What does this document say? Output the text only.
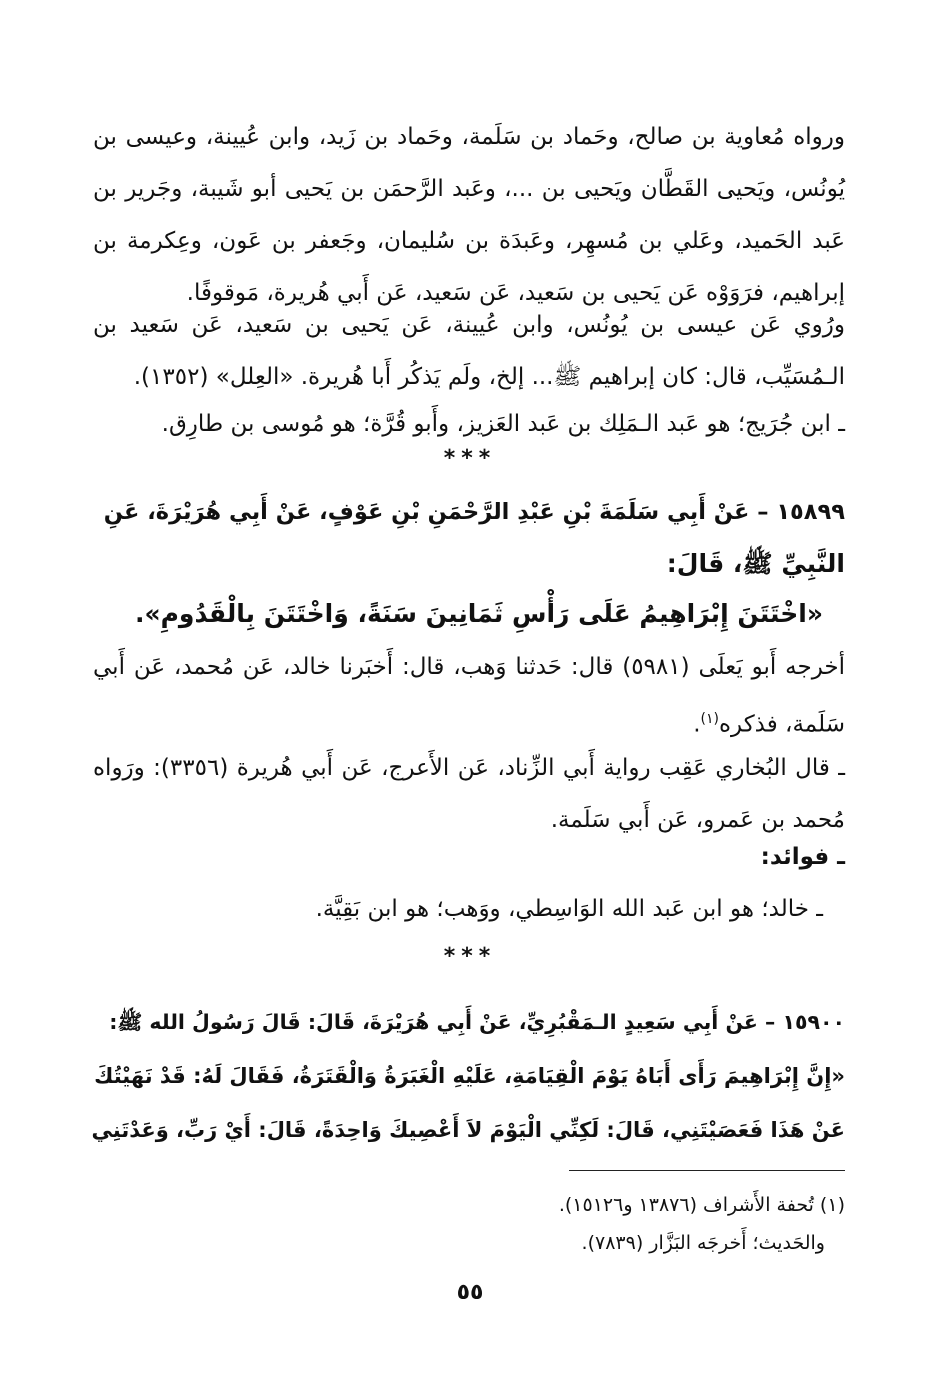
ورواه مُعاوية بن صالح، وحَماد بن سَلَمة، وحَماد بن زَيد، وابن عُيينة، وعيسى بن يُونُس، ويَحيى القَطَّان ويَحيى بن ...، وعَبد الرَّحمَن بن يَحيى أبو شَيبة، وجَرير بن عَبد الحَميد، وعَلي بن مُسهِر، وعَبدَة بن سُليمان، وجَعفر بن عَون، وعِكرمة بن إبراهيم، فرَوَوْه عَن يَحيى بن سَعيد، عَن سَعيد، عَن أَبي هُريرة، مَوقوفًا.
ورُوي عَن عيسى بن يُونُس، وابن عُيينة، عَن يَحيى بن سَعيد، عَن سَعيد بن الـمُسَيِّب، قال: كان إبراهيم ﷺ... إلخ، ولَم يَذكُر أَبا هُريرة. «العِلل» (١٣٥٢).
ـ ابن جُرَيج؛ هو عَبد الـمَلِك بن عَبد العَزيز، وأَبو قُرَّة؛ هو مُوسى بن طارِق.
***
١٥٨٩٩ – عَنْ أَبِي سَلَمَةَ بْنِ عَبْدِ الرَّحْمَنِ بْنِ عَوْفٍ، عَنْ أَبِي هُرَيْرَةَ، عَنِ
النَّبِيِّ ﷺ، قَالَ:
«اخْتَتَنَ إِبْرَاهِيمُ عَلَى رَأْسِ ثَمَانِينَ سَنَةً، وَاخْتَتَنَ بِالْقَدُومِ».
أخرجه أَبو يَعلَى (٥٩٨١) قال: حَدثنا وَهب، قال: أَخبَرنا خالد، عَن مُحمد، عَن أَبي سَلَمة، فذكره$^{(١)}$.
ـ قال البُخاري عَقِب رواية أَبي الزِّناد، عَن الأَعرج، عَن أَبي هُريرة (٣٣٥٦): ورَواه مُحمد بن عَمرو، عَن أَبي سَلَمة.
ـ فوائد:
ـ خالد؛ هو ابن عَبد الله الوَاسِطي، ووَهب؛ هو ابن بَقِيَّة.
***
١٥٩٠٠ – عَنْ أَبِي سَعِيدٍ الـمَقْبُرِيِّ، عَنْ أَبِي هُرَيْرَةَ، قَالَ: قَالَ رَسُولُ الله ﷺ:
«إِنَّ إِبْرَاهِيمَ رَأَى أَبَاهُ يَوْمَ الْقِيَامَةِ، عَلَيْهِ الْغَبَرَةُ وَالْقَتَرَةُ، فَقَالَ لَهُ: قَدْ نَهَيْتُكَ
عَنْ هَذَا فَعَصَيْتَنِي، قَالَ: لَكِنِّي الْيَوْمَ لاَ أَعْصِيكَ وَاحِدَةً، قَالَ: أَيْ رَبِّ، وَعَدْتَنِي
(١) تُحفة الأَشراف (١٣٨٧٦ و١٥١٢٦).
والحَديث؛ أَخرجَه البَزَّار (٧٨٣٩).
٥٥
